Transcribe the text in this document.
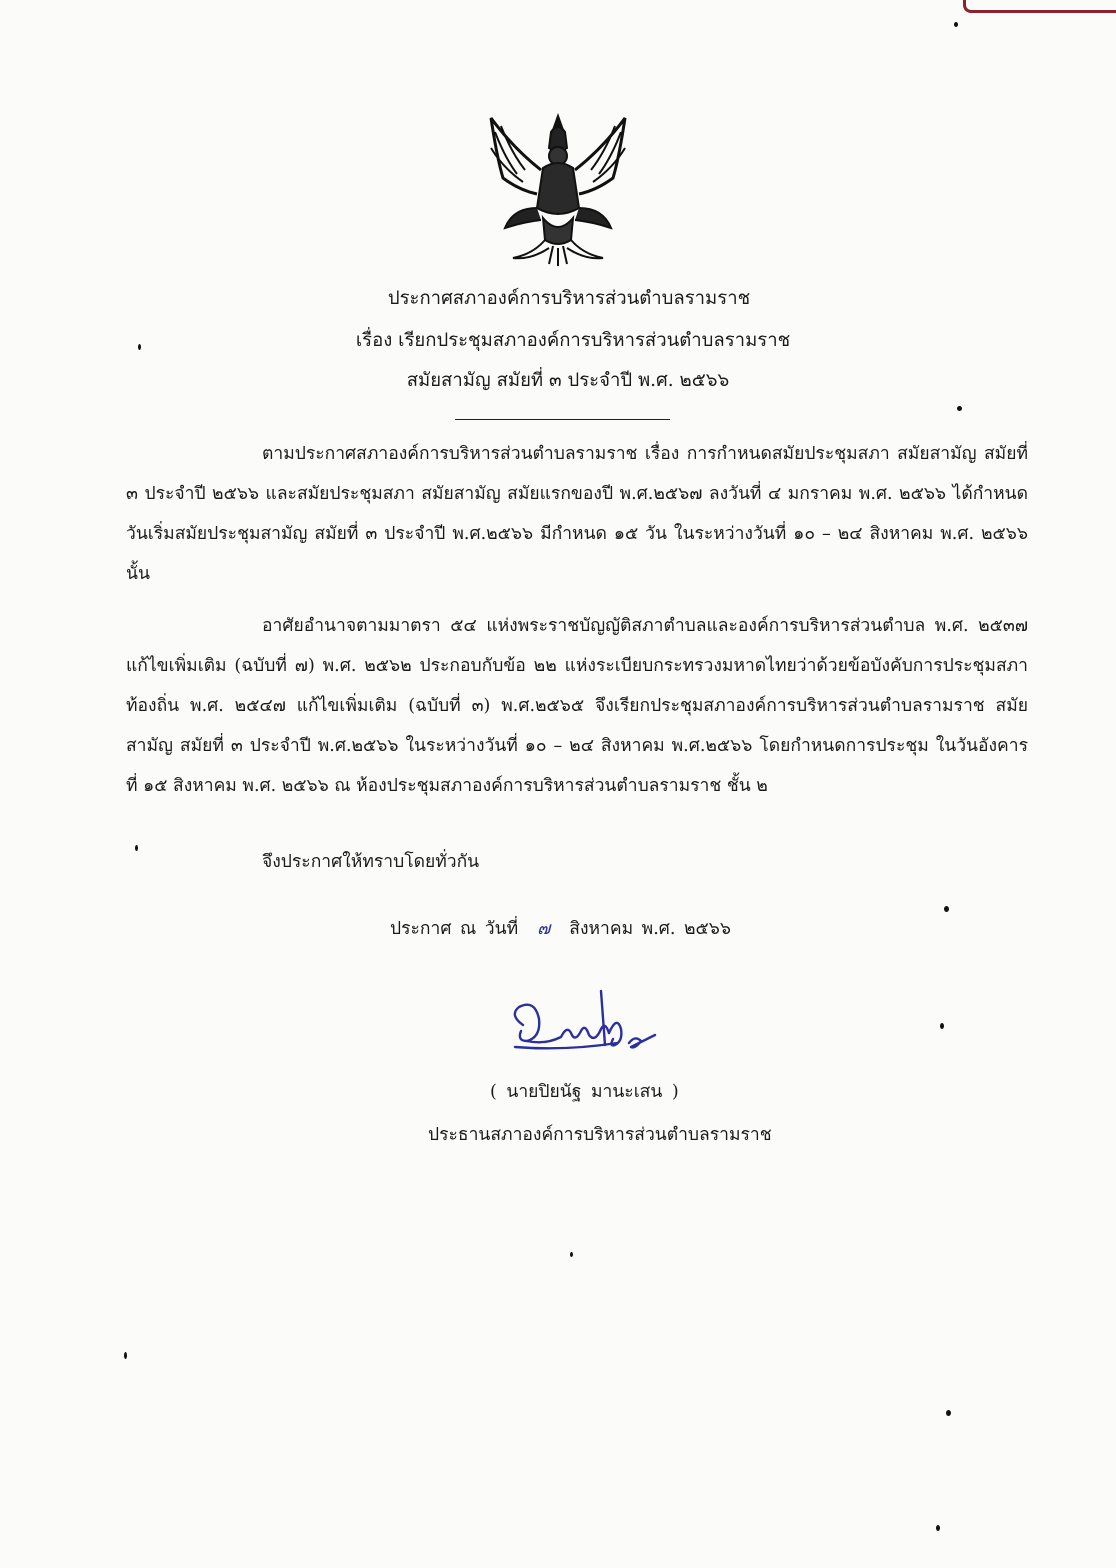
ประกาศสภาองค์การบริหารส่วนตำบลรามราช
เรื่อง เรียกประชุมสภาองค์การบริหารส่วนตำบลรามราช
สมัยสามัญ สมัยที่ ๓ ประจำปี พ.ศ. ๒๕๖๖

ตามประกาศสภาองค์การบริหารส่วนตำบลรามราช เรื่อง การกำหนดสมัยประชุมสภา สมัยสามัญ สมัยที่ ๓ ประจำปี ๒๕๖๖ และสมัยประชุมสภา สมัยสามัญ สมัยแรกของปี พ.ศ.๒๕๖๗ ลงวันที่ ๔ มกราคม พ.ศ. ๒๕๖๖ ได้กำหนดวันเริ่มสมัยประชุมสามัญ สมัยที่ ๓ ประจำปี พ.ศ.๒๕๖๖ มีกำหนด ๑๕ วัน ในระหว่างวันที่ ๑๐ – ๒๔ สิงหาคม พ.ศ. ๒๕๖๖ นั้น

อาศัยอำนาจตามมาตรา ๕๔ แห่งพระราชบัญญัติสภาตำบลและองค์การบริหารส่วนตำบล พ.ศ. ๒๕๓๗ แก้ไขเพิ่มเติม (ฉบับที่ ๗) พ.ศ. ๒๕๖๒ ประกอบกับข้อ ๒๒ แห่งระเบียบกระทรวงมหาดไทยว่าด้วยข้อบังคับการประชุมสภาท้องถิ่น พ.ศ. ๒๕๔๗ แก้ไขเพิ่มเติม (ฉบับที่ ๓) พ.ศ.๒๕๖๕ จึงเรียกประชุมสภาองค์การบริหารส่วนตำบลรามราช สมัยสามัญ สมัยที่ ๓ ประจำปี พ.ศ.๒๕๖๖ ในระหว่างวันที่ ๑๐ – ๒๔ สิงหาคม พ.ศ.๒๕๖๖ โดยกำหนดการประชุม ในวันอังคาร ที่ ๑๕ สิงหาคม พ.ศ. ๒๕๖๖ ณ ห้องประชุมสภาองค์การบริหารส่วนตำบลรามราช ชั้น ๒

จึงประกาศให้ทราบโดยทั่วกัน
ประกาศ ณ วันที่ ๗ สิงหาคม พ.ศ. ๒๕๖๖
( นายปิยนัฐ มานะเสน )
ประธานสภาองค์การบริหารส่วนตำบลรามราช
